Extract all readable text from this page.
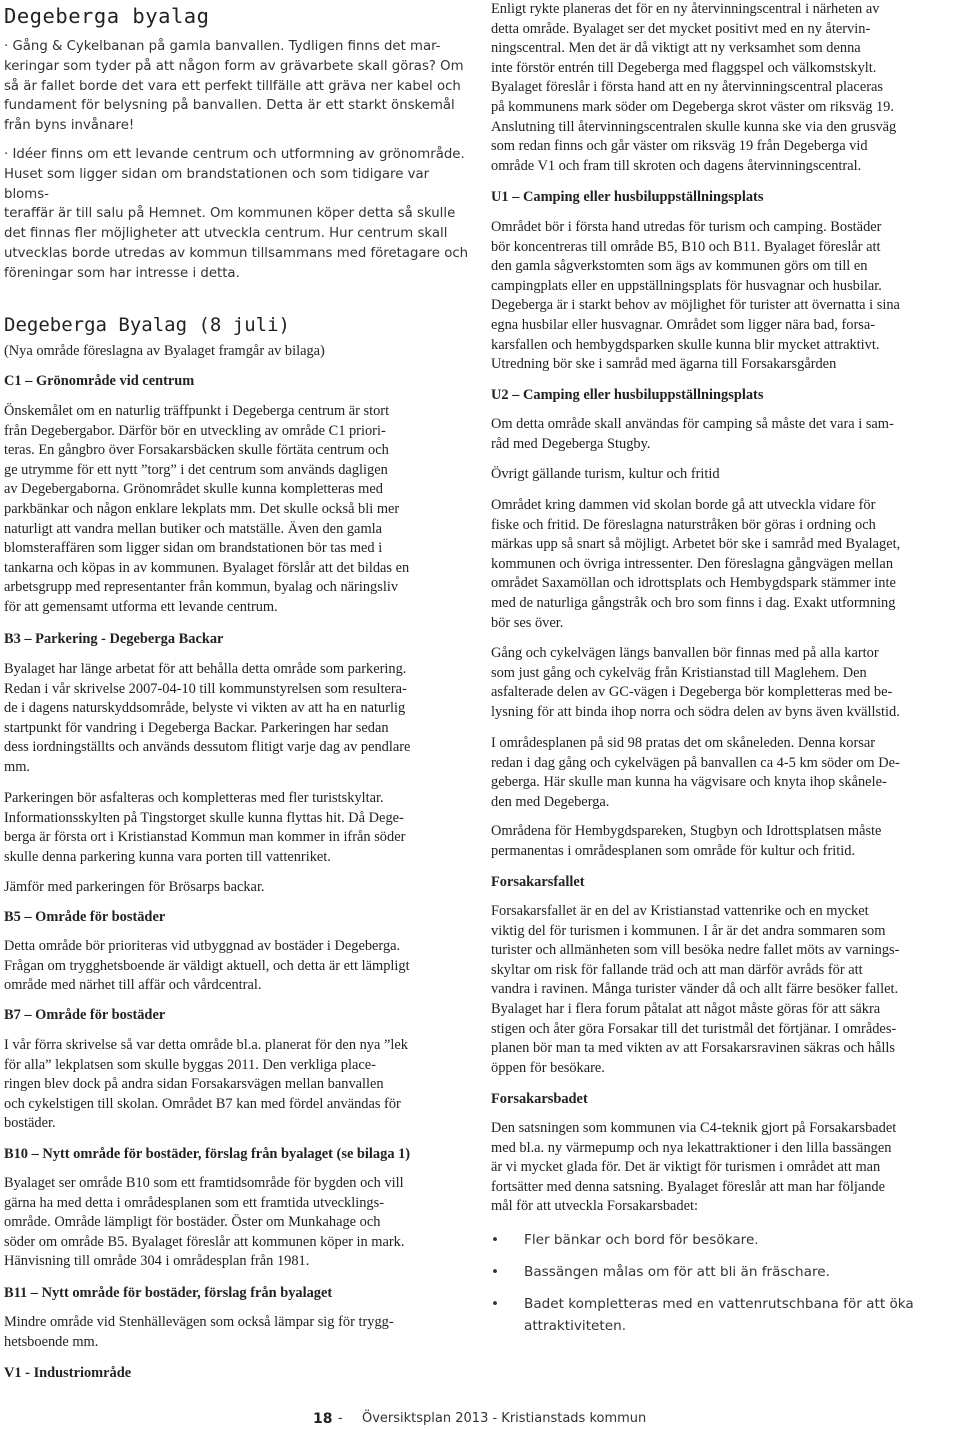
Degeberga byalag

· Gång & Cykelbanan på gamla banvallen. Tydligen finns det mar-

keringar som tyder på att någon form av grävarbete skall göras? Om

så är fallet borde det vara ett perfekt tillfälle att gräva ner kabel och

fundament för belysning på banvallen. Detta är ett starkt önskemål

från byns invånare!

· Idéer finns om ett levande centrum och utformning av grönområde.

Huset som ligger sidan om brandstationen och som tidigare var bloms-

teraffär är till salu på Hemnet. Om kommunen köper detta så skulle

det finnas fler möjligheter att utveckla centrum. Hur centrum skall

utvecklas borde utredas av kommun tillsammans med företagare och

föreningar som har intresse i detta.

Degeberga Byalag (8 juli)

(Nya område föreslagna av Byalaget framgår av bilaga)

C1 – Grönområde vid centrum

Önskemålet om en naturlig träffpunkt i Degeberga centrum är stort

från Degebergabor. Därför bör en utveckling av område C1 priori-

teras. En gångbro över Forsakarsbäcken skulle förtäta centrum och

ge utrymme för ett nytt ”torg” i det centrum som används dagligen

av Degebergaborna. Grönområdet skulle kunna kompletteras med

parkbänkar och någon enklare lekplats mm. Det skulle också bli mer

naturligt att vandra mellan butiker och matställe. Även den gamla

blomsteraffären som ligger sidan om brandstationen bör tas med i

tankarna och köpas in av kommunen. Byalaget förslår att det bildas en

arbetsgrupp med representanter från kommun, byalag och näringsliv

för att gemensamt utforma ett levande centrum.

B3 – Parkering - Degeberga Backar

Byalaget har länge arbetat för att behålla detta område som parkering.

Redan i vår skrivelse 2007-04-10 till kommunstyrelsen som resultera-

de i dagens naturskyddsområde, belyste vi vikten av att ha en naturlig

startpunkt för vandring i Degeberga Backar. Parkeringen har sedan

dess iordningställts och används dessutom flitigt varje dag av pendlare

mm.

Parkeringen bör asfalteras och kompletteras med fler turistskyltar.

Informationsskylten på Tingstorget skulle kunna flyttas hit. Då Dege-

berga är första ort i Kristianstad Kommun man kommer in ifrån söder

skulle denna parkering kunna vara porten till vattenriket.

Jämför med parkeringen för Brösarps backar.

B5 – Område för bostäder

Detta område bör prioriteras vid utbyggnad av bostäder i Degeberga.

Frågan om trygghetsboende är väldigt aktuell, och detta är ett lämpligt

område med närhet till affär och vårdcentral.

B7 – Område för bostäder

I vår förra skrivelse så var detta område bl.a. planerat för den nya ”lek

för alla” lekplatsen som skulle byggas 2011. Den verkliga place-

ringen blev dock på andra sidan Forsakarsvägen mellan banvallen

och cykelstigen till skolan. Området B7 kan med fördel användas för

bostäder.

B10 – Nytt område för bostäder, förslag från byalaget (se bilaga 1)

Byalaget ser område B10 som ett framtidsområde för bygden och vill

gärna ha med detta i områdesplanen som ett framtida utvecklings-

område. Område lämpligt för bostäder. Öster om Munkahage och

söder om område B5. Byalaget föreslår att kommunen köper in mark.

Hänvisning till område 304 i områdesplan från 1981.

B11 – Nytt område för bostäder, förslag från byalaget

Mindre område vid Stenhällevägen som också lämpar sig för trygg-

hetsboende mm.

V1 - Industriområde

Enligt rykte planeras det för en ny återvinningscentral i närheten av

detta område. Byalaget ser det mycket positivt med en ny återvin-

ningscentral. Men det är då viktigt att ny verksamhet som denna

inte förstör entrén till Degeberga med flaggspel och välkomstskylt.

Byalaget föreslår i första hand att en ny återvinningscentral placeras

på kommunens mark söder om Degeberga skrot väster om riksväg 19.

Anslutning till återvinningscentralen skulle kunna ske via den grusväg

som redan finns och går väster om riksväg 19 från Degeberga vid

område V1 och fram till skroten och dagens återvinningscentral.

U1 – Camping eller husbiluppställningsplats

Området bör i första hand utredas för turism och camping. Bostäder

bör koncentreras till område B5, B10 och B11. Byalaget föreslår att

den gamla sågverkstomten som ägs av kommunen görs om till en

campingplats eller en uppställningsplats för husvagnar och husbilar.

Degeberga är i starkt behov av möjlighet för turister att övernatta i sina

egna husbilar eller husvagnar. Området som ligger nära bad, forsa-

karsfallen och hembygdsparken skulle kunna blir mycket attraktivt.

Utredning bör ske i samråd med ägarna till Forsakarsgården

U2 – Camping eller husbiluppställningsplats

Om detta område skall användas för camping så måste det vara i sam-

råd med Degeberga Stugby.

Övrigt gällande turism, kultur och fritid

Området kring dammen vid skolan borde gå att utveckla vidare för

fiske och fritid. De föreslagna naturstråken bör göras i ordning och

märkas upp så snart så möjligt. Arbetet bör ske i samråd med Byalaget,

kommunen och övriga intressenter. Den föreslagna gångvägen mellan

området Saxamöllan och idrottsplats och Hembygdspark stämmer inte

med de naturliga gångstråk och bro som finns i dag. Exakt utformning

bör ses över.

Gång och cykelvägen längs banvallen bör finnas med på alla kartor

som just gång och cykelväg från Kristianstad till Maglehem. Den

asfalterade delen av GC-vägen i Degeberga bör kompletteras med be-

lysning för att binda ihop norra och södra delen av byns även kvällstid.

I områdesplanen på sid 98 pratas det om skåneleden. Denna korsar

redan i dag gång och cykelvägen på banvallen ca 4-5 km söder om De-

geberga. Här skulle man kunna ha vägvisare och knyta ihop skånele-

den med Degeberga.

Områdena för Hembygdspareken, Stugbyn och Idrottsplatsen måste

permanentas i områdesplanen som område för kultur och fritid.

Forsakarsfallet

Forsakarsfallet är en del av Kristianstad vattenrike och en mycket

viktig del för turismen i kommunen. I år är det andra sommaren som

turister och allmänheten som vill besöka nedre fallet möts av varnings-

skyltar om risk för fallande träd och att man därför avråds för att

vandra i ravinen. Många turister vänder då och allt färre besöker fallet.

Byalaget har i flera forum påtalat att något måste göras för att säkra

stigen och åter göra Forsakar till det turistmål det förtjänar. I områdes-

planen bör man ta med vikten av att Forsakarsravinen säkras och hålls

öppen för besökare.

Forsakarsbadet

Den satsningen som kommunen via C4-teknik gjort på Forsakarsbadet

med bl.a. ny värmepump och nya lekattraktioner i den lilla bassängen

är vi mycket glada för. Det är viktigt för turismen i området att man

fortsätter med denna satsning. Byalaget föreslår att man har följande

mål för att utveckla Forsakarsbadet:

• Fler bänkar och bord för besökare.
• Bassängen målas om för att bli än fräschare.
• Badet kompletteras med en vattenrutschbana för att öka
attraktiviteten.
18 - Översiktsplan 2013 - Kristianstads kommun
